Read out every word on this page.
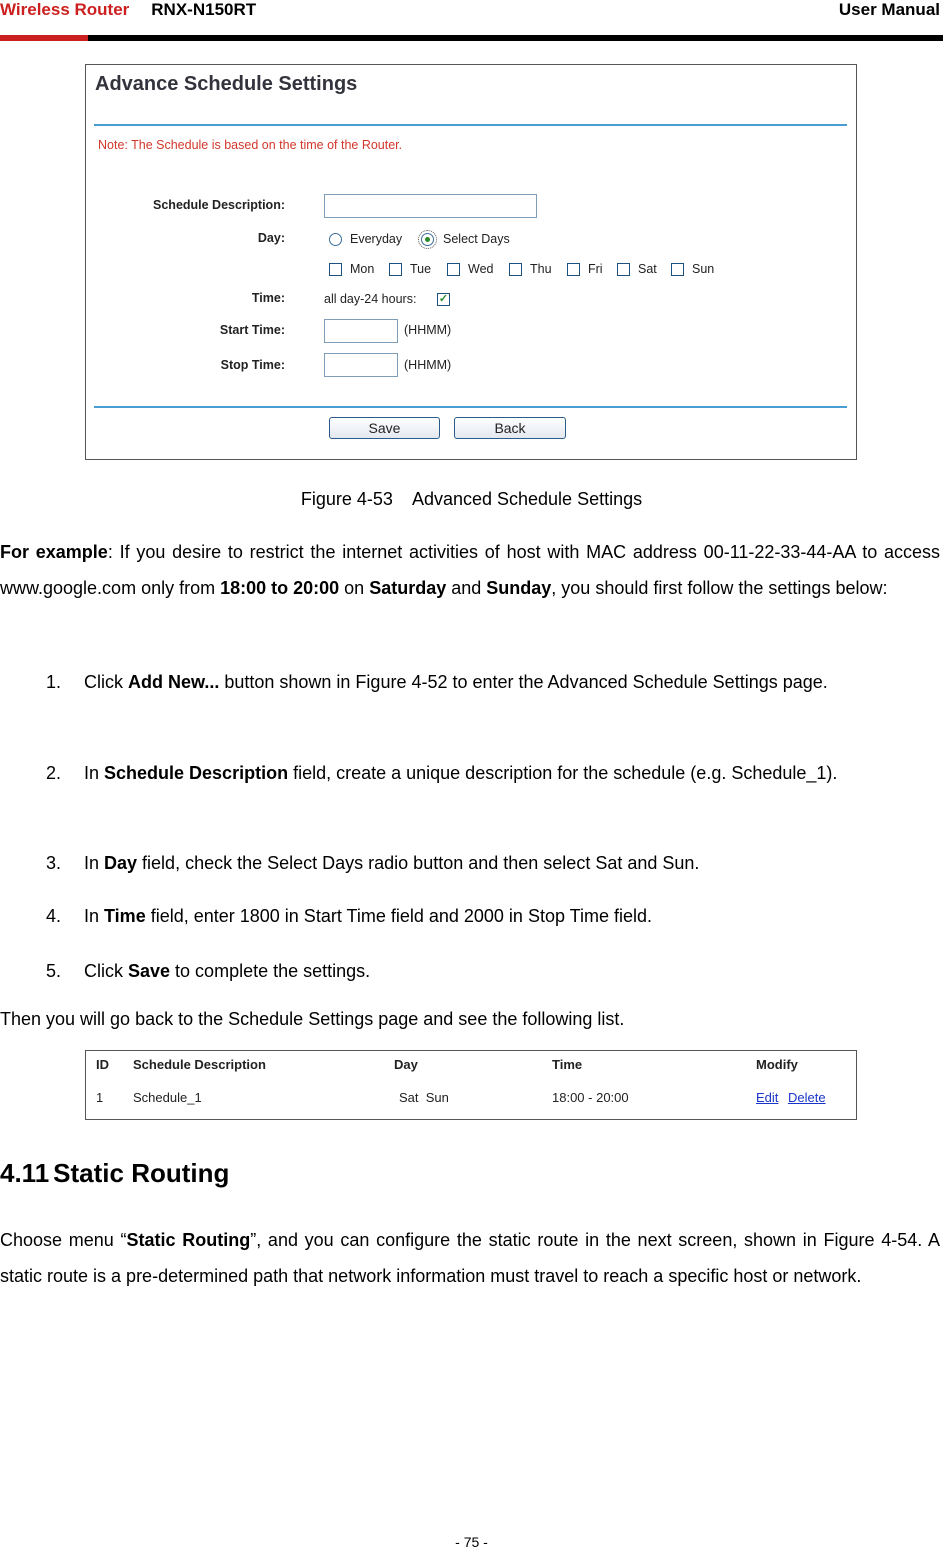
Wireless Router RNX-N150RT	User Manual
Advance Schedule Settings
Note: The Schedule is based on the time of the Router.
Schedule Description:
Day:	Everyday	Select Days
Mon	Tue	Wed	Thu	Fri	Sat	Sun
Time:	all day-24 hours: ✓
Start Time:	(HHMM)
Stop Time:	(HHMM)
Save	Back
Figure 4-53    Advanced Schedule Settings
For example: If you desire to restrict the internet activities of host with MAC address 00-11-22-33-44-AA to access www.google.com only from 18:00 to 20:00 on Saturday and Sunday, you should first follow the settings below:
1. Click Add New... button shown in Figure 4-52 to enter the Advanced Schedule Settings page.
2. In Schedule Description field, create a unique description for the schedule (e.g. Schedule_1).
3. In Day field, check the Select Days radio button and then select Sat and Sun.
4. In Time field, enter 1800 in Start Time field and 2000 in Stop Time field.
5. Click Save to complete the settings.
Then you will go back to the Schedule Settings page and see the following list.
ID Schedule Description	Day	Time	Modify
1 Schedule_1	Sat  Sun	18:00 - 20:00	Edit Delete
4.11 Static Routing
Choose menu “Static Routing”, and you can configure the static route in the next screen, shown in Figure 4-54. A static route is a pre-determined path that network information must travel to reach a specific host or network.
- 75 -
